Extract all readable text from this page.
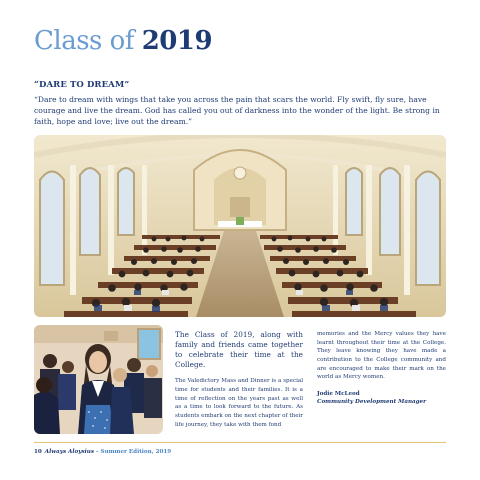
Class of 2019

“DARE TO DREAM”

“Dare to dream with wings that take you across the pain that scars the world. Fly swift, fly sure, have courage and live the dream. God has called you out of darkness into the wonder of the light. Be strong in faith, hope and love; live out the dream.”

The Class of 2019, along with family and friends came together to celebrate their time at the College.

The Valedictory Mass and Dinner is a special time for students and their families. It is a time of reflection on the years past as well as a time to look forward to the future. As students embark on the next chapter of their life journey, they take with them fond

memories and the Mercy values they have learnt throughout their time at the College. They leave knowing they have made a contribution to the College community and are encouraged to make their mark on the world as Mercy women.

Jodie McLeod

Community Development Manager

10 Always Aloysius – Summer Edition, 2019
